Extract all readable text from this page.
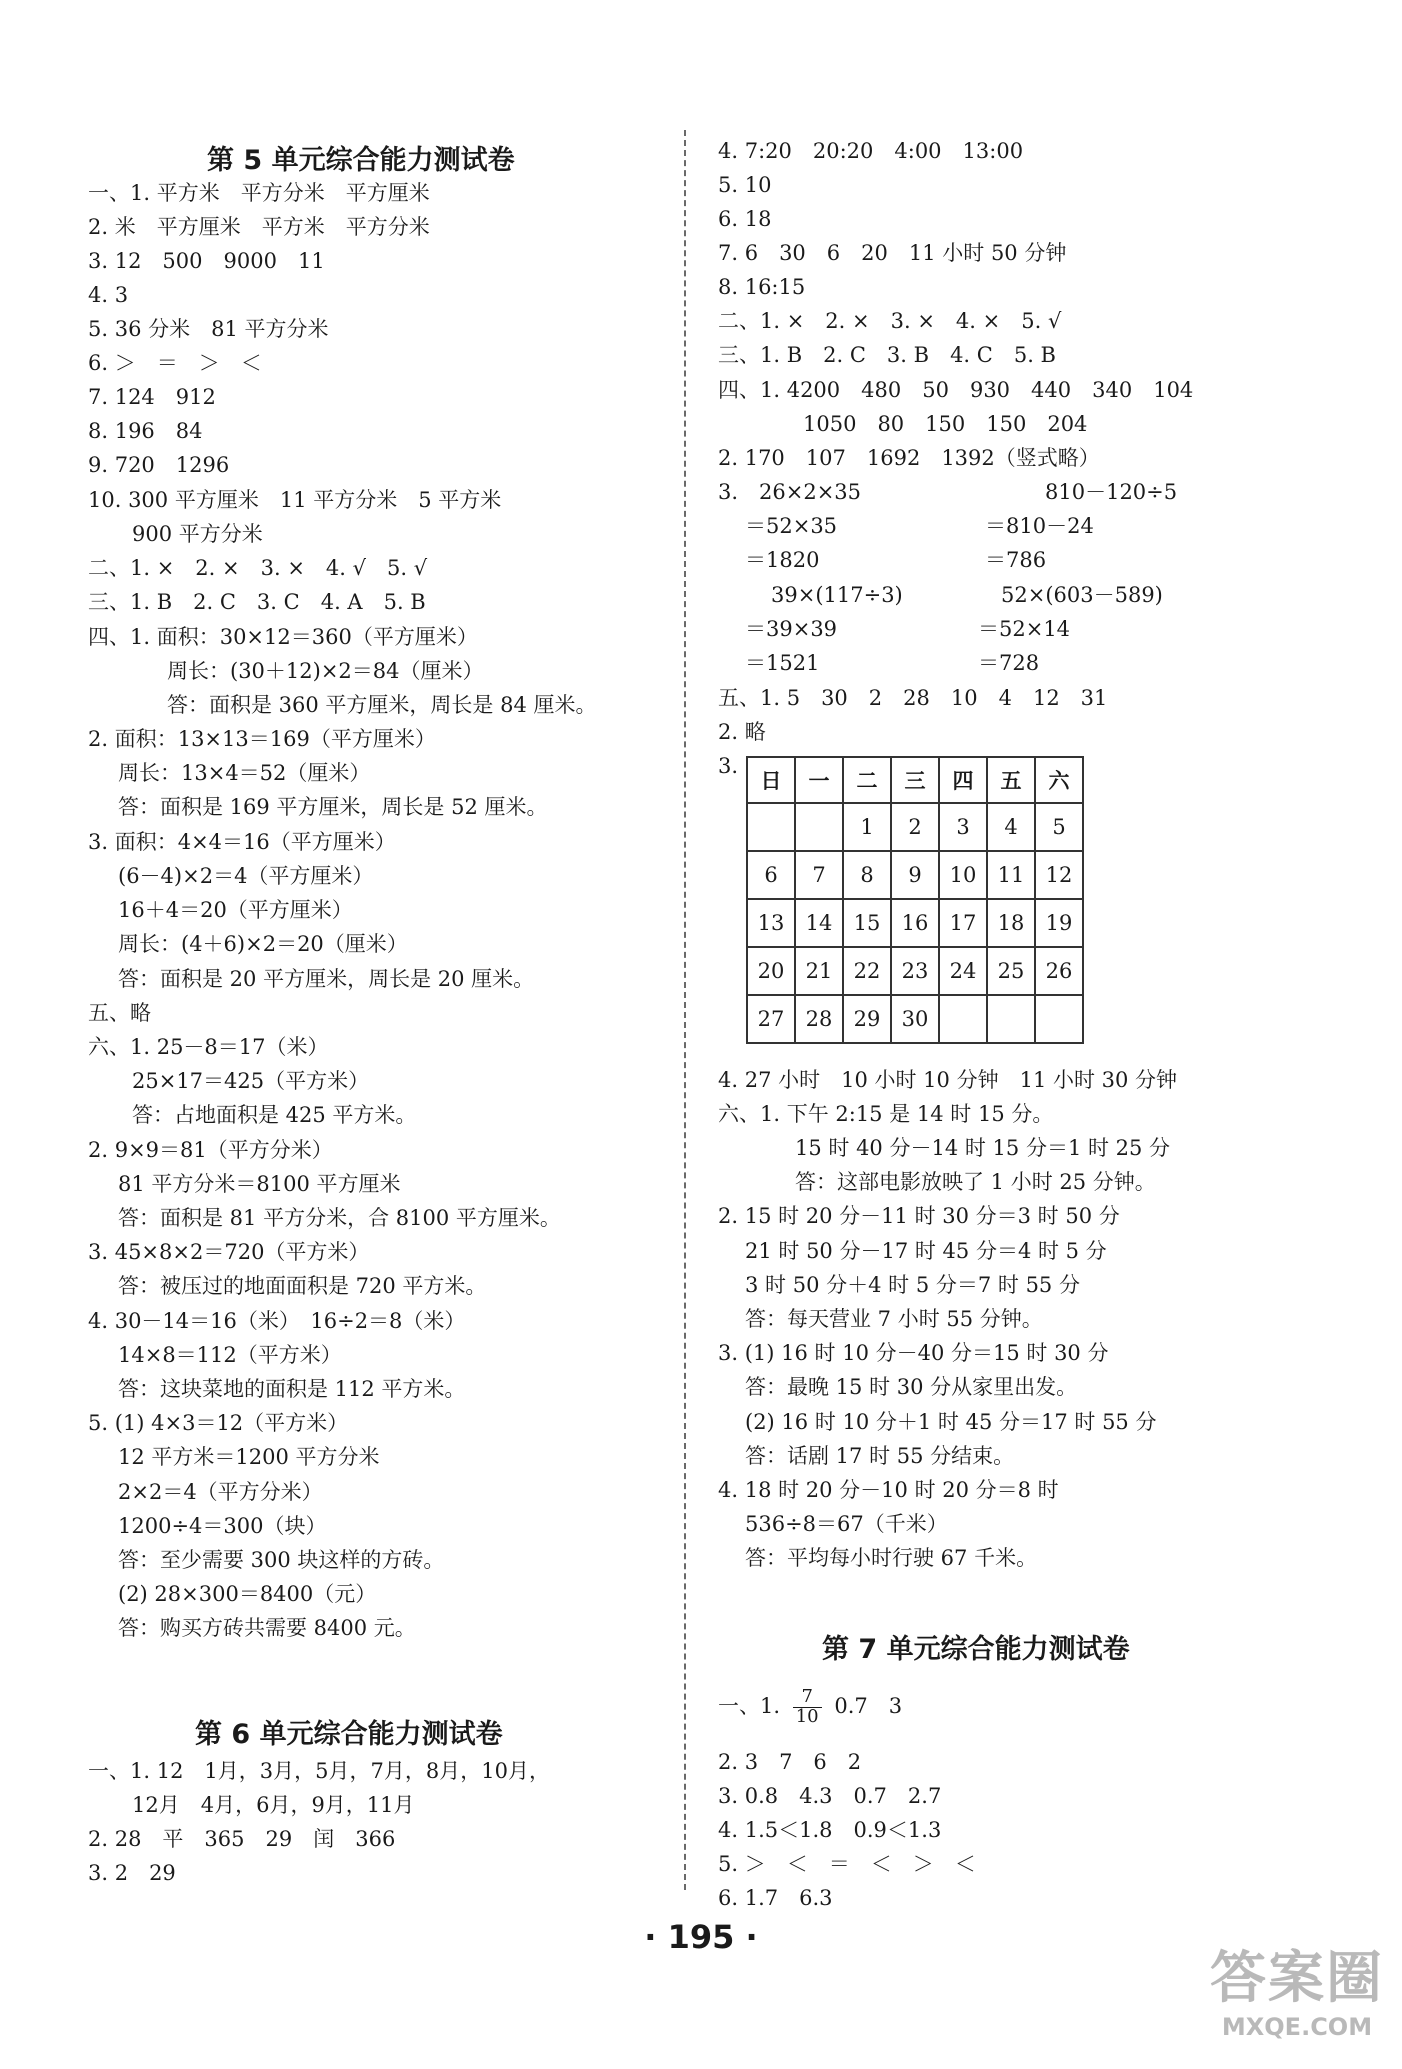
第 5 单元综合能力测试卷
一、1. 平方米　平方分米　平方厘米
2. 米　平方厘米　平方米　平方分米
3. 12　500　9000　11
4. 3
5. 36 分米　81 平方分米
6. ＞　＝　＞　＜
7. 124　912
8. 196　84
9. 720　1296
10. 300 平方厘米　11 平方分米　5 平方米
900 平方分米
二、1. ×　2. ×　3. ×　4. √　5. √
三、1. B　2. C　3. C　4. A　5. B
四、1. 面积：30×12＝360（平方厘米）
周长：(30＋12)×2＝84（厘米）
答：面积是 360 平方厘米，周长是 84 厘米。
2. 面积：13×13＝169（平方厘米）
周长：13×4＝52（厘米）
答：面积是 169 平方厘米，周长是 52 厘米。
3. 面积：4×4＝16（平方厘米）
(6－4)×2＝4（平方厘米）
16＋4＝20（平方厘米）
周长：(4＋6)×2＝20（厘米）
答：面积是 20 平方厘米，周长是 20 厘米。
五、略
六、1. 25－8＝17（米）
25×17＝425（平方米）
答：占地面积是 425 平方米。
2. 9×9＝81（平方分米）
81 平方分米＝8100 平方厘米
答：面积是 81 平方分米，合 8100 平方厘米。
3. 45×8×2＝720（平方米）
答：被压过的地面面积是 720 平方米。
4. 30－14＝16（米）　16÷2＝8（米）
14×8＝112（平方米）
答：这块菜地的面积是 112 平方米。
5. (1) 4×3＝12（平方米）
12 平方米＝1200 平方分米
2×2＝4（平方分米）
1200÷4＝300（块）
答：至少需要 300 块这样的方砖。
(2) 28×300＝8400（元）
答：购买方砖共需要 8400 元。
第 6 单元综合能力测试卷
一、1. 12　1月，3月，5月，7月，8月，10月，
12月　4月，6月，9月，11月
2. 28　平　365　29　闰　366
3. 2　29
4. 7:20　20:20　4:00　13:00
5. 10
6. 18
7. 6　30　6　20　11 小时 50 分钟
8. 16:15
二、1. ×　2. ×　3. ×　4. ×　5. √
三、1. B　2. C　3. B　4. C　5. B
四、1. 4200　480　50　930　440　340　104
1050　80　150　150　204
2. 170　107　1692　1392（竖式略）
3.　26×2×35
＝52×35
＝1820
810－120÷5
＝810－24
＝786
39×(117÷3)
＝39×39
＝1521
52×(603－589)
＝52×14
＝728
五、1. 5　30　2　28　10　4　12　31
2. 略
3.
日	一	二	三	四	五	六
		1	2	3	4	5
6	7	8	9	10	11	12
13	14	15	16	17	18	19
20	21	22	23	24	25	26
27	28	29	30			
4. 27 小时　10 小时 10 分钟　11 小时 30 分钟
六、1. 下午 2:15 是 14 时 15 分。
15 时 40 分－14 时 15 分＝1 时 25 分
答：这部电影放映了 1 小时 25 分钟。
2. 15 时 20 分－11 时 30 分＝3 时 50 分
21 时 50 分－17 时 45 分＝4 时 5 分
3 时 50 分＋4 时 5 分＝7 时 55 分
答：每天营业 7 小时 55 分钟。
3. (1) 16 时 10 分－40 分＝15 时 30 分
答：最晚 15 时 30 分从家里出发。
(2) 16 时 10 分＋1 时 45 分＝17 时 55 分
答：话剧 17 时 55 分结束。
4. 18 时 20 分－10 时 20 分＝8 时
536÷8＝67（千米）
答：平均每小时行驶 67 千米。
第 7 单元综合能力测试卷
一、1. $\frac{7}{10} 0.7$　3
2. 3　7　6　2
3. 0.8　4.3　0.7　2.7
4. 1.5＜1.8　0.9＜1.3
5. ＞　＜　＝　＜　＞　＜
6. 1.7　6.3
· 195 ·
答案圈
MXQE.COM
